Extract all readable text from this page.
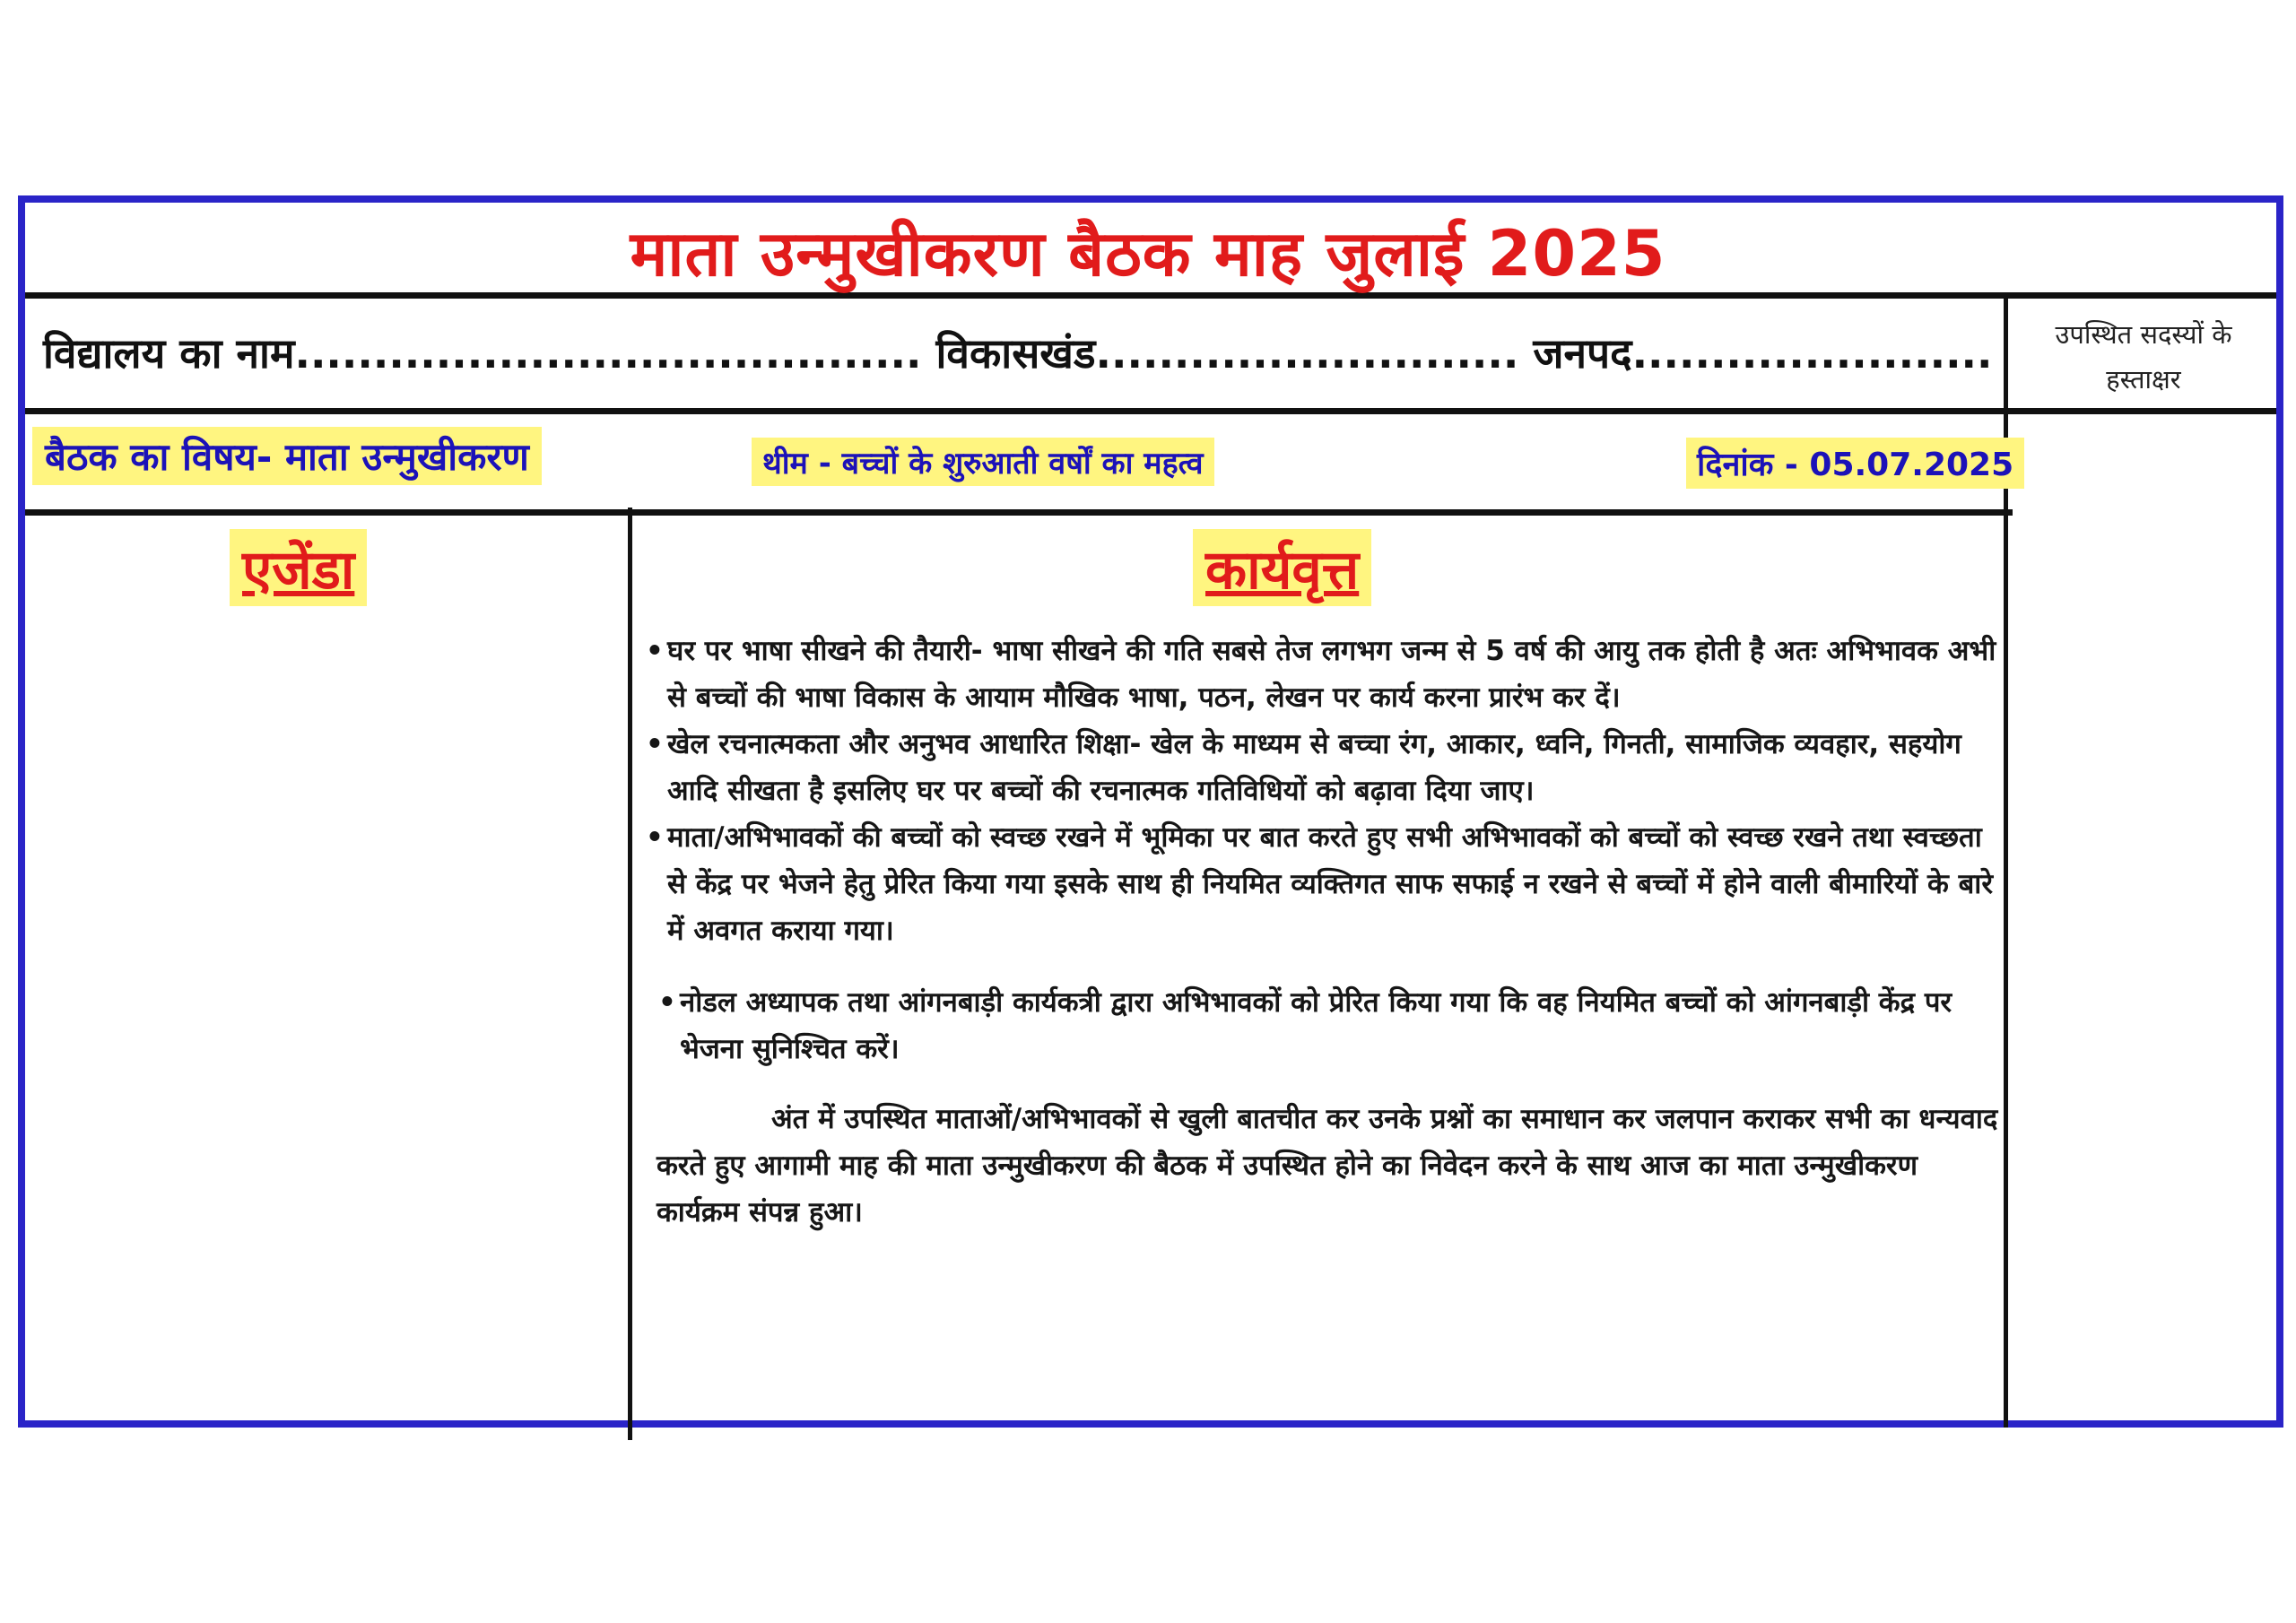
माता उन्मुखीकरण बैठक माह जुलाई 2025
विद्यालय का नाम........................................ विकासखंड........................... जनपद.......................	उपस्थित सदस्यों के
हस्ताक्षर
बैठक का विषय- माता उन्मुखीकरण	थीम - बच्चों के शुरुआती वर्षों का महत्व	दिनांक - 05.07.2025
एजेंडा	कार्यवृत्त

• घर पर भाषा सीखने की तैयारी- भाषा सीखने की गति सबसे तेज लगभग जन्म से 5 वर्ष की आयु तक होती है अतः अभिभावक अभी से बच्चों की भाषा विकास के आयाम मौखिक भाषा, पठन, लेखन पर कार्य करना प्रारंभ कर दें।

• खेल रचनात्मकता और अनुभव आधारित शिक्षा- खेल के माध्यम से बच्चा रंग, आकार, ध्वनि, गिनती, सामाजिक व्यवहार, सहयोग आदि सीखता है इसलिए घर पर बच्चों की रचनात्मक गतिविधियों को बढ़ावा दिया जाए।

• माता/अभिभावकों की बच्चों को स्वच्छ रखने में भूमिका पर बात करते हुए सभी अभिभावकों को बच्चों को स्वच्छ रखने तथा स्वच्छता से केंद्र पर भेजने हेतु प्रेरित किया गया इसके साथ ही नियमित व्यक्तिगत साफ सफाई न रखने से बच्चों में होने वाली बीमारियों के बारे में अवगत कराया गया।

• नोडल अध्यापक तथा आंगनबाड़ी कार्यकत्री द्वारा अभिभावकों को प्रेरित किया गया कि वह नियमित बच्चों को आंगनबाड़ी केंद्र पर भेजना सुनिश्चित करें।

अंत में उपस्थित माताओं/अभिभावकों से खुली बातचीत कर उनके प्रश्नों का समाधान कर जलपान कराकर सभी का धन्यवाद करते हुए आगामी माह की माता उन्मुखीकरण की बैठक में उपस्थित होने का निवेदन करने के साथ आज का माता उन्मुखीकरण कार्यक्रम संपन्न हुआ।
